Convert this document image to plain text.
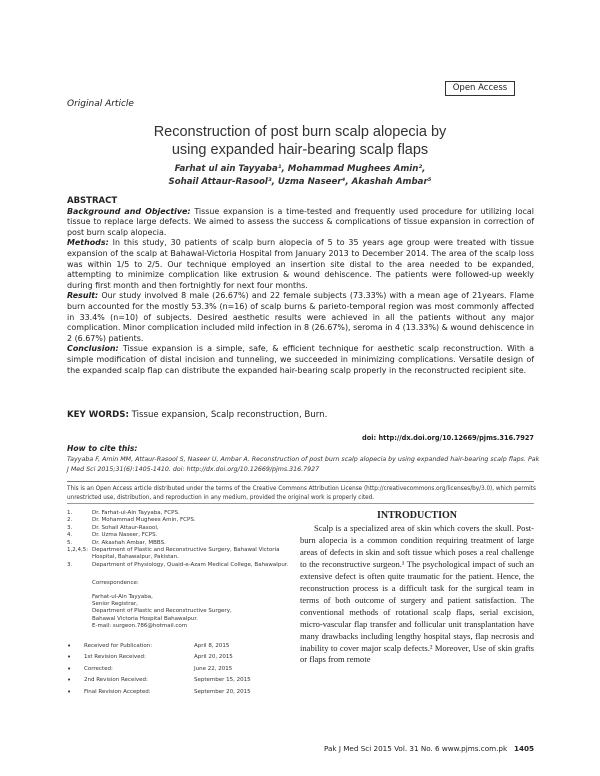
Open Access
Original Article
Reconstruction of post burn scalp alopecia by
using expanded hair-bearing scalp flaps
Farhat ul ain Tayyaba¹, Mohammad Mughees Amin²,
Sohail Attaur-Rasool³, Uzma Naseer⁴, Akashah Ambar⁵
ABSTRACT

Background and Objective: Tissue expansion is a time-tested and frequently used procedure for utilizing local tissue to replace large defects. We aimed to assess the success & complications of tissue expansion in correction of post burn scalp alopecia.

Methods: In this study, 30 patients of scalp burn alopecia of 5 to 35 years age group were treated with tissue expansion of the scalp at Bahawal-Victoria Hospital from January 2013 to December 2014. The area of the scalp loss was within 1/5 to 2/5. Our technique employed an insertion site distal to the area needed to be expanded, attempting to minimize complication like extrusion & wound dehiscence. The patients were followed-up weekly during first month and then fortnightly for next four months.

Result: Our study involved 8 male (26.67%) and 22 female subjects (73.33%) with a mean age of 21years. Flame burn accounted for the mostly 53.3% (n=16) of scalp burns & parieto-temporal region was most commonly affected in 33.4% (n=10) of subjects. Desired aesthetic results were achieved in all the patients without any major complication. Minor complication included mild infection in 8 (26.67%), seroma in 4 (13.33%) & wound dehiscence in 2 (6.67%) patients.

Conclusion: Tissue expansion is a simple, safe, & efficient technique for aesthetic scalp reconstruction. With a simple modification of distal incision and tunneling, we succeeded in minimizing complications. Versatile design of the expanded scalp flap can distribute the expanded hair-bearing scalp properly in the reconstructed recipient site.

KEY WORDS: Tissue expansion, Scalp reconstruction, Burn.
doi: http://dx.doi.org/10.12669/pjms.316.7927
How to cite this:
Tayyaba F, Amin MM, Attaur-Rasool S, Naseer U, Ambar A. Reconstruction of post burn scalp alopecia by using expanded hair-bearing scalp flaps. Pak J Med Sci 2015;31(6):1405-1410. doi: http://dx.doi.org/10.12669/pjms.316.7927
This is an Open Access article distributed under the terms of the Creative Commons Attribution License (http://creativecommons.org/licenses/by/3.0), which permits unrestricted use, distribution, and reproduction in any medium, provided the original work is properly cited.
1.	Dr. Farhat-ul-Ain Tayyaba, FCPS.
2.	Dr. Mohammad Mughees Amin, FCPS.
3.	Dr. Sohail Attaur-Rasool,
4.	Dr. Uzma Naseer, FCPS.
5.	Dr. Akashah Ambar, MBBS.
1,2,4,5: Department of Plastic and Reconstructive Surgery, Bahawal Victoria Hospital, Bahawalpur, Pakistan.
3.	Department of Physiology, Quaid-e-Azam Medical College, Bahawalpur.
Correspondence:
Farhat-ul-Ain Tayyaba,
Senior Registrar,
Department of Plastic and Reconstructive Surgery,
Bahawal Victoria Hospital Bahawalpur.
E-mail: surgeon.786@hotmail.com
•	Received for Publication:	April 8, 2015
•	1st Revision Received:	April 20, 2015
•	Corrected:	June 22, 2015
•	2nd Revision Received:	September 15, 2015
•	Final Revision Accepted:	September 20, 2015
INTRODUCTION
Scalp is a specialized area of skin which covers the skull. Post-burn alopecia is a common condition requiring treatment of large areas of defects in skin and soft tissue which poses a real challenge to the reconstructive surgeon.¹ The psychological impact of such an extensive defect is often quite traumatic for the patient. Hence, the reconstruction process is a difficult task for the surgical team in terms of both outcome of surgery and patient satisfaction. The conventional methods of rotational scalp flaps, serial excision, micro-vascular flap transfer and follicular unit transplantation have many drawbacks including lengthy hospital stays, flap necrosis and inability to cover major scalp defects.² Moreover, Use of skin grafts or flaps from remote
Pak J Med Sci 2015 Vol. 31 No. 6 www.pjms.com.pk 1405
